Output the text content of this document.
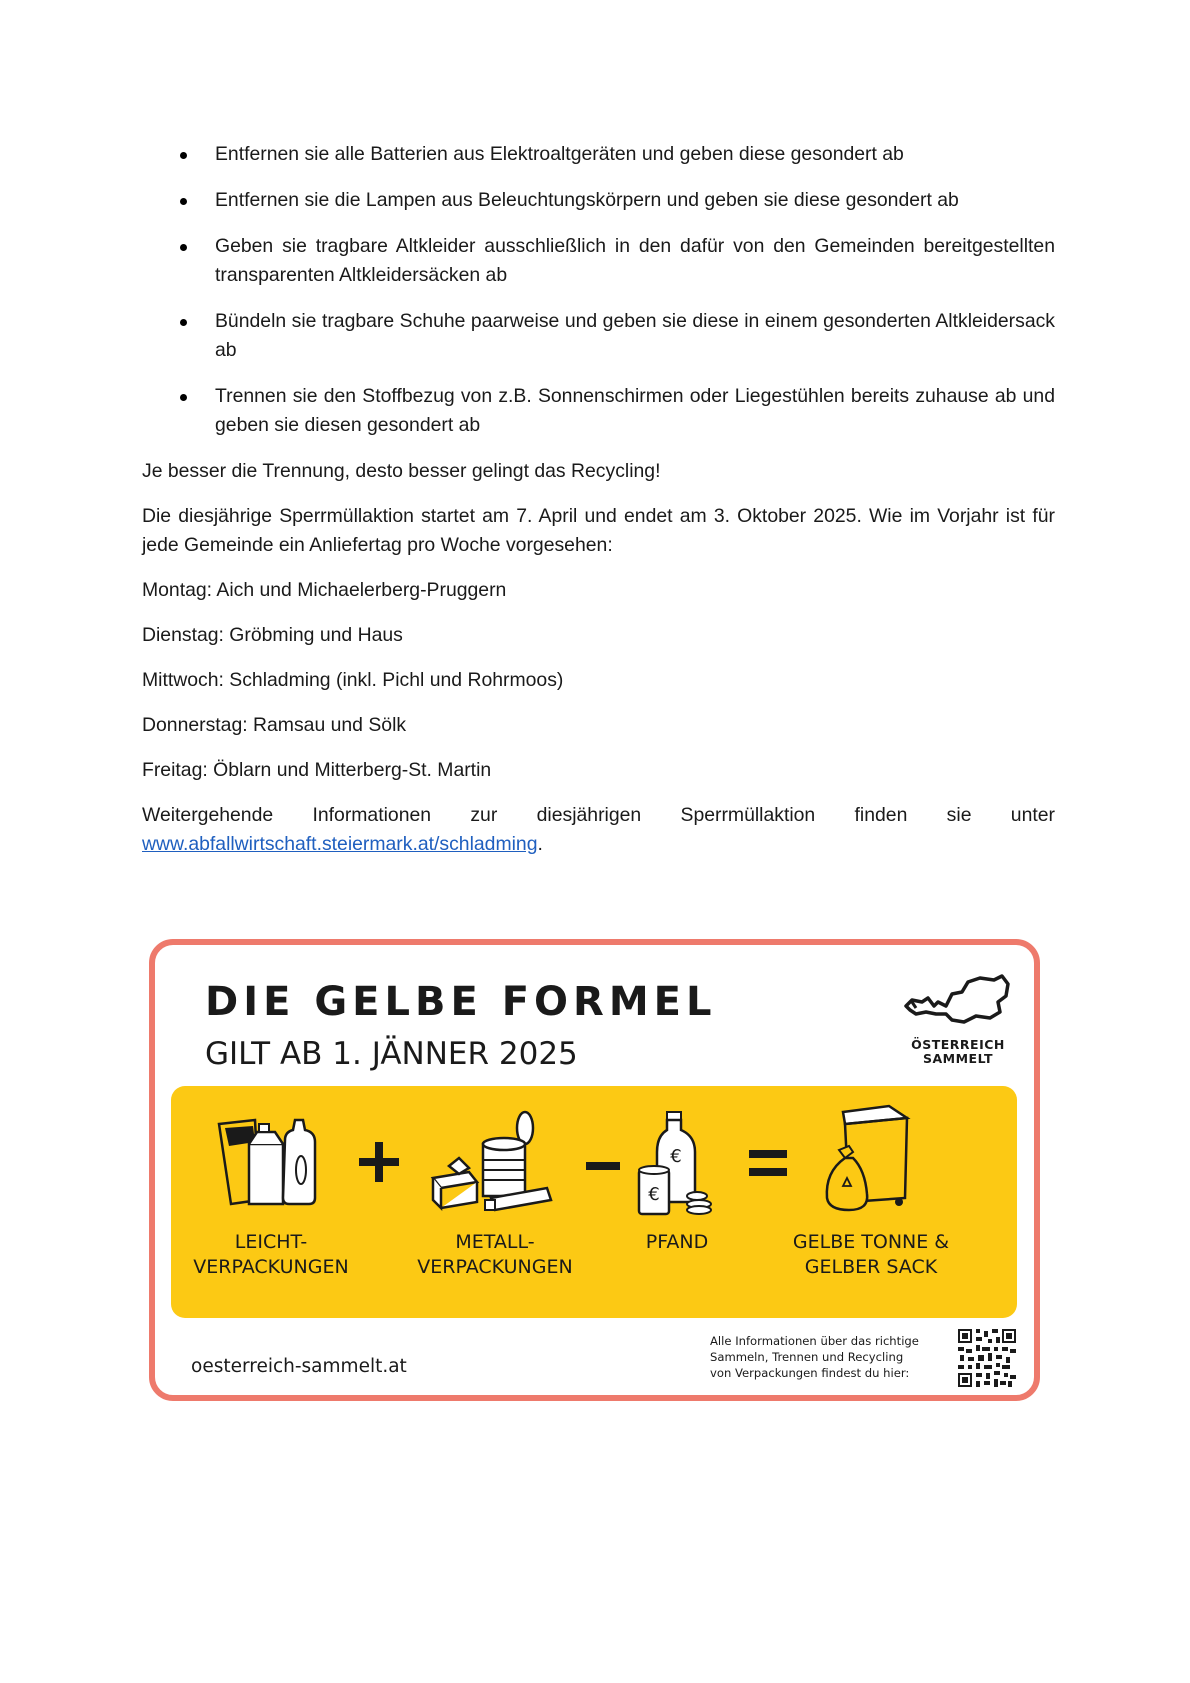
Entfernen sie alle Batterien aus Elektroaltgeräten und geben diese gesondert ab
Entfernen sie die Lampen aus Beleuchtungskörpern und geben sie diese gesondert ab
Geben sie tragbare Altkleider ausschließlich in den dafür von den Gemeinden bereitgestellten transparenten Altkleidersäcken ab
Bündeln sie tragbare Schuhe paarweise und geben sie diese in einem gesonderten Altkleidersack ab
Trennen sie den Stoffbezug von z.B. Sonnenschirmen oder Liegestühlen bereits zuhause ab und geben sie diesen gesondert ab

Je besser die Trennung, desto besser gelingt das Recycling!

Die diesjährige Sperrmüllaktion startet am 7. April und endet am 3. Oktober 2025. Wie im Vorjahr ist für jede Gemeinde ein Anliefertag pro Woche vorgesehen:

Montag: Aich und Michaelerberg-Pruggern

Dienstag: Gröbming und Haus

Mittwoch: Schladming (inkl. Pichl und Rohrmoos)

Donnerstag: Ramsau und Sölk

Freitag: Öblarn und Mitterberg-St. Martin

Weitergehende Informationen zur diesjährigen Sperrmüllaktion finden sie unter www.abfallwirtschaft.steiermark.at/schladming.

DIE GELBE FORMEL
GILT AB 1. JÄNNER 2025	ÖSTERREICH
SAMMELT
€
€
LEICHT-
VERPACKUNGEN
METALL-
VERPACKUNGEN
PFAND	GELBE TONNE &
GELBER SACK
oesterreich-sammelt.at
Alle Informationen über das richtige
Sammeln, Trennen und Recycling
von Verpackungen findest du hier:
